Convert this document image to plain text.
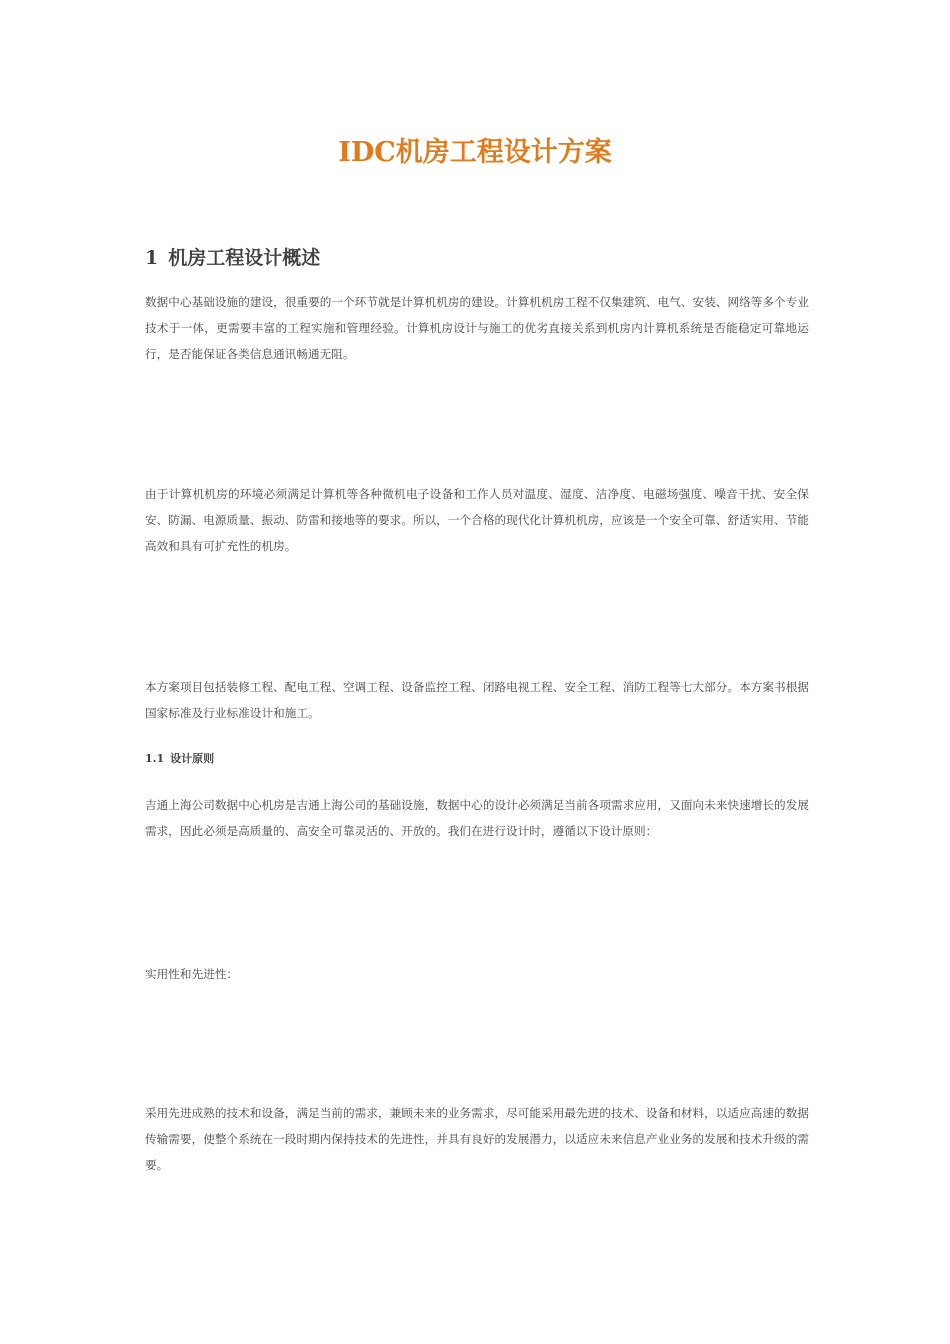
IDC机房工程设计方案
1 机房工程设计概述

数据中心基础设施的建设，很重要的一个环节就是计算机机房的建设。计算机机房工程不仅集建筑、电气、安装、网络等多个专业技术于一体，更需要丰富的工程实施和管理经验。计算机房设计与施工的优劣直接关系到机房内计算机系统是否能稳定可靠地运行，是否能保证各类信息通讯畅通无阻。

由于计算机机房的环境必须满足计算机等各种微机电子设备和工作人员对温度、湿度、洁净度、电磁场强度、噪音干扰、安全保安、防漏、电源质量、振动、防雷和接地等的要求。所以，一个合格的现代化计算机机房，应该是一个安全可靠、舒适实用、节能高效和具有可扩充性的机房。

本方案项目包括装修工程、配电工程、空调工程、设备监控工程、闭路电视工程、安全工程、消防工程等七大部分。本方案书根据国家标准及行业标准设计和施工。

1.1 设计原则

吉通上海公司数据中心机房是吉通上海公司的基础设施，数据中心的设计必须满足当前各项需求应用，又面向未来快速增长的发展需求，因此必须是高质量的、高安全可靠灵活的、开放的。我们在进行设计时，遵循以下设计原则：

实用性和先进性：

采用先进成熟的技术和设备，满足当前的需求，兼顾未来的业务需求，尽可能采用最先进的技术、设备和材料，以适应高速的数据传输需要，使整个系统在一段时期内保持技术的先进性，并具有良好的发展潜力，以适应未来信息产业业务的发展和技术升级的需要。
